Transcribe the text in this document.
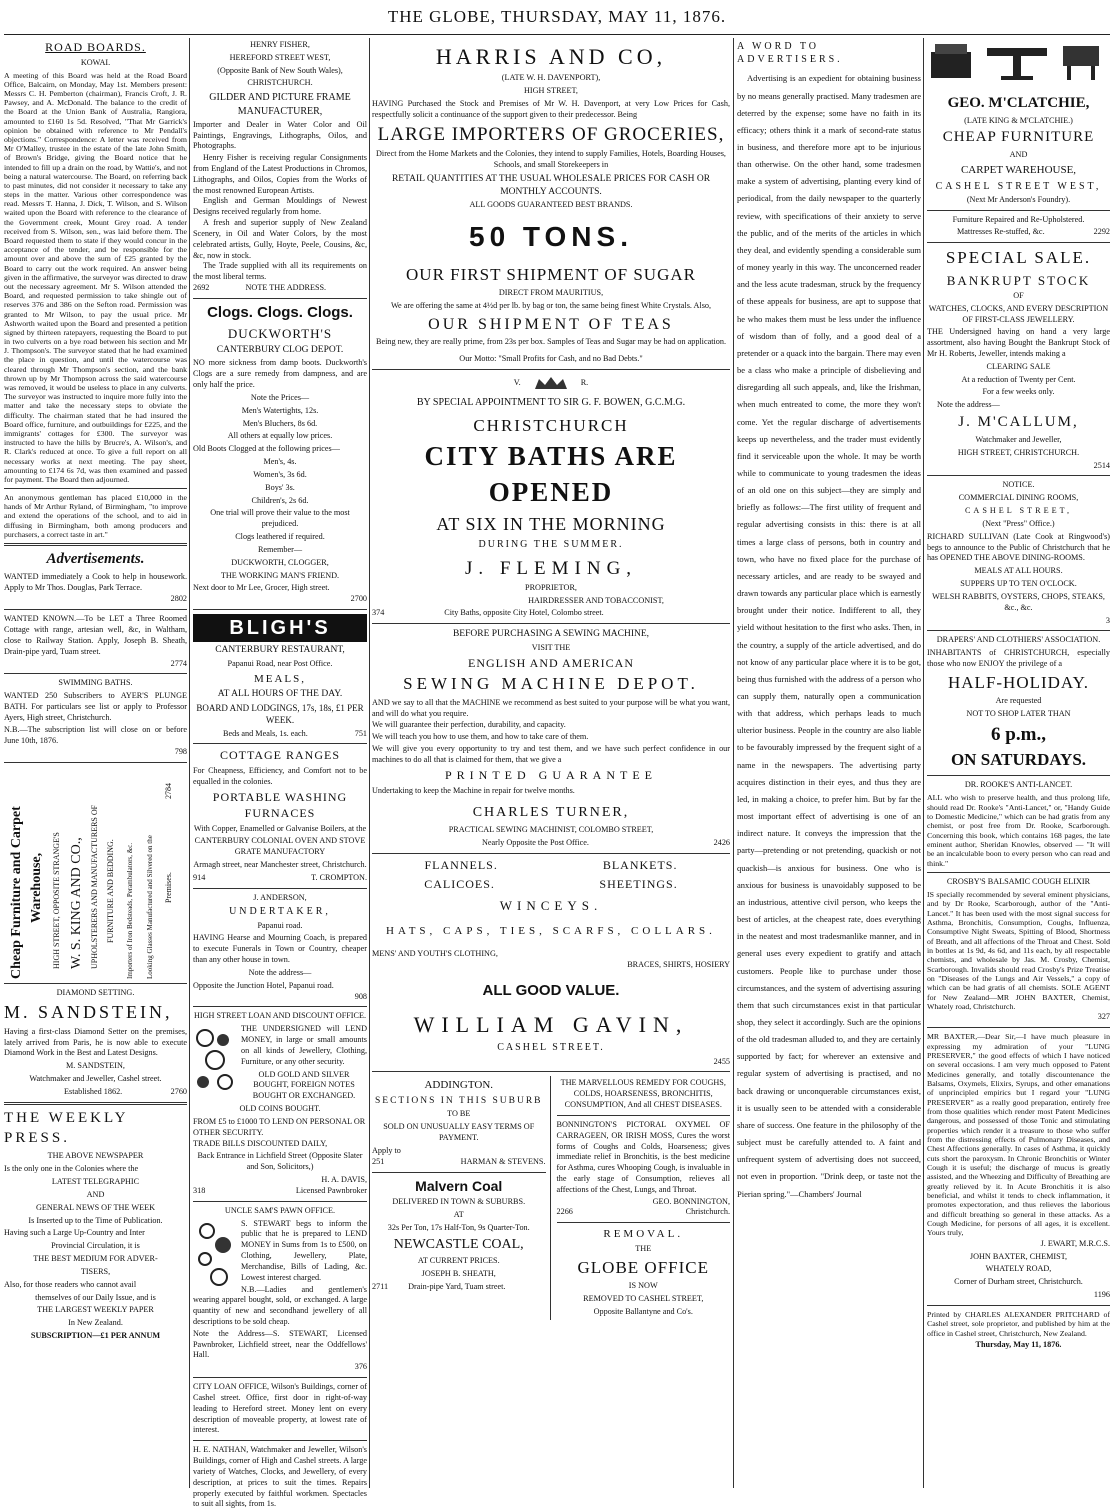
THE GLOBE, THURSDAY, MAY 11, 1876.
ROAD BOARDS.
KOWAI.

A meeting of this Board was held at the Road Board Office, Balcairn, on Monday, May 1st. Members present: Messrs C. H. Pemberton (chairman), Francis Croft, J. R. Pawsey, and A. McDonald. The balance to the credit of the Board at the Union Bank of Australia, Rangiora, amounted to £160 1s 5d. Resolved, "That Mr Garrick's opinion be obtained with reference to Mr Pendall's objections." Correspondence: A letter was received from Mr O'Malley, trustee in the estate of the late John Smith, of Brown's Bridge, giving the Board notice that he intended to fill up a drain on the road, by Wattie's, and not being a natural watercourse. The Board, on referring back to past minutes, did not consider it necessary to take any steps in the matter. Various other correspondence was read. Messrs T. Hanna, J. Dick, T. Wilson, and S. Wilson waited upon the Board with reference to the clearance of the Government creek, Mount Grey road. A tender received from S. Wilson, sen., was laid before them. The Board requested them to state if they would concur in the acceptance of the tender, and be responsible for the amount over and above the sum of £25 granted by the Board to carry out the work required. An answer being given in the affirmative, the surveyor was directed to draw out the necessary agreement. Mr S. Wilson attended the Board, and requested permission to take shingle out of reserves 376 and 386 on the Sefton road. Permission was granted to Mr Wilson, to pay the usual price. Mr Ashworth waited upon the Board and presented a petition signed by thirteen ratepayers, requesting the Board to put in two culverts on a bye road between his section and Mr J. Thompson's. The surveyor stated that he had examined the place in question, and until the watercourse was cleared through Mr Thompson's section, and the bank thrown up by Mr Thompson across the said watercourse was removed, it would be useless to place in any culverts. The surveyor was instructed to inquire more fully into the matter and take the necessary steps to obviate the difficulty. The chairman stated that he had insured the Board office, furniture, and outbuildings for £225, and the immigrants' cottages for £300. The surveyor was instructed to have the hills by Brucre's, A. Wilson's, and R. Clark's reduced at once. To give a full report on all necessary works at next meeting. The pay sheet, amounting to £174 6s 7d, was then examined and passed for payment. The Board then adjourned.

An anonymous gentleman has placed £10,000 in the hands of Mr Arthur Ryland, of Birmingham, "to improve and extend the operations of the school, and to aid in diffusing in Birmingham, both among producers and purchasers, a correct taste in art."

Advertisements.

WANTED immediately a Cook to help in housework. Apply to Mr Thos. Douglas, Park Terrace.

2802

WANTED KNOWN.—To be LET a Three Roomed Cottage with range, artesian well, &c, in Waltham, close to Railway Station. Apply, Joseph B. Sheath, Drain-pipe yard, Tuam street.

2774

SWIMMING BATHS.

WANTED 250 Subscribers to AYER'S PLUNGE BATH. For particulars see list or apply to Professor Ayers, High street, Christchurch.

N.B.—The subscription list will close on or before June 10th, 1876.

798

Cheap Furniture and Carpet Warehouse,	HIGH STREET, OPPOSITE STRANGE'S W. S. KING AND CO., UPHOLSTERERS AND MANUFACTURERS OF FURNITURE AND BEDDING. Importers of Iron Bedsteads, Perambulators, &c. Looking Glasses Manufactured and Silvered on the Premises.
2784
DIAMOND SETTING.
M. SANDSTEIN,

Having a first-class Diamond Setter on the premises, lately arrived from Paris, he is now able to execute Diamond Work in the Best and Latest Designs.

M. SANDSTEIN,
Watchmaker and Jeweller, Cashel street.
Established 1862.	2760
THE WEEKLY PRESS.
THE ABOVE NEWSPAPER
Is the only one in the Colonies where the
LATEST TELEGRAPHIC
AND
GENERAL NEWS OF THE WEEK
Is Inserted up to the Time of Publication.
Having such a Large Up-Country and Inter
Provincial Circulation, it is
THE BEST MEDIUM FOR ADVER-
TISERS,
Also, for those readers who cannot avail
themselves of our Daily Issue, and is
THE LARGEST WEEKLY PAPER
In New Zealand.
SUBSCRIPTION—£1 PER ANNUM
HENRY FISHER,
HEREFORD STREET WEST,
(Opposite Bank of New South Wales),
CHRISTCHURCH.
GILDER AND PICTURE FRAME MANUFACTURER,

Importer and Dealer in Water Color and Oil Paintings, Engravings, Lithographs, Oilos, and Photographs.

Henry Fisher is receiving regular Consignments from England of the Latest Productions in Chromos, Lithographs, and Oilos, Copies from the Works of the most renowned European Artists.

English and German Mouldings of Newest Designs received regularly from home.

A fresh and superior supply of New Zealand Scenery, in Oil and Water Colors, by the most celebrated artists, Gully, Hoyte, Peele, Cousins, &c, &c, now in stock.

The Trade supplied with all its requirements on the most liberal terms.

2692	NOTE THE ADDRESS.
Clogs. Clogs. Clogs.
DUCKWORTH'S
CANTERBURY CLOG DEPOT.

NO more sickness from damp boots. Duckworth's Clogs are a sure remedy from dampness, and are only half the price.

Note the Prices—
Men's Watertights, 12s.
Men's Bluchers, 8s 6d.
All others at equally low prices.
Old Boots Clogged at the following prices—
Men's, 4s.
Women's, 3s 6d.
Boys' 3s.
Children's, 2s 6d.
One trial will prove their value to the most prejudiced.
Clogs leathered if required.
Remember—
DUCKWORTH, CLOGGER,
THE WORKING MAN'S FRIEND.
Next door to Mr Lee, Grocer, High street.

2700

BLIGH'S
CANTERBURY RESTAURANT,
Papanui Road, near Post Office.
MEALS,
AT ALL HOURS OF THE DAY.
BOARD AND LODGINGS, 17s, 18s, £1 PER WEEK.
Beds and Meals, 1s. each.	751
COTTAGE RANGES

For Cheapness, Efficiency, and Comfort not to be equalled in the colonies.

PORTABLE WASHING FURNACES
With Copper, Enamelled or Galvanise Boilers, at the
CANTERBURY COLONIAL OVEN AND STOVE GRATE MANUFACTORY
Armagh street, near Manchester street, Christchurch.
914	T. CROMPTON.
J. ANDERSON,
UNDERTAKER,
Papanui road.

HAVING Hearse and Mourning Coach, is prepared to execute Funerals in Town or Country, cheaper than any other house in town.

Note the address—
Opposite the Junction Hotel, Papanui road.

908

HIGH STREET LOAN AND DISCOUNT OFFICE.

THE UNDERSIGNED will LEND MONEY, in large or small amounts on all kinds of Jewellery, Clothing, Furniture, or any other security.

OLD GOLD AND SILVER BOUGHT, FOREIGN NOTES BOUGHT OR EXCHANGED.
OLD COINS BOUGHT.
FROM £5 to £1000 TO LEND ON PERSONAL OR OTHER SECURITY.
TRADE BILLS DISCOUNTED DAILY,
Back Entrance in Lichfield Street (Opposite Slater and Son, Solicitors,)
H. A. DAVIS,
318	Licensed Pawnbroker
UNCLE SAM'S PAWN OFFICE.

S. STEWART begs to inform the public that he is prepared to LEND MONEY in Sums from 1s to £500, on Clothing, Jewellery, Plate, Merchandise, Bills of Lading, &c. Lowest interest charged.

N.B.—Ladies and gentlemen's wearing apparel bought, sold, or exchanged. A large quantity of new and secondhand jewellery of all descriptions to be sold cheap.

Note the Address—S. STEWART, Licensed Pawnbroker, Lichfield street, near the Oddfellows' Hall.

376

CITY LOAN OFFICE, Wilson's Buildings, corner of Cashel street. Office, first door in right-of-way leading to Hereford street. Money lent on every description of moveable property, at lowest rate of interest.

H. E. NATHAN, Watchmaker and Jeweller, Wilson's Buildings, corner of High and Cashel streets. A large variety of Watches, Clocks, and Jewellery, of every description, at prices to suit the times. Repairs properly executed by faithful workmen. Spectacles to suit all sights, from 1s.

HARRIS AND CO,
(LATE W. H. DAVENPORT),
HIGH STREET,

HAVING Purchased the Stock and Premises of Mr W. H. Davenport, at very Low Prices for Cash, respectfully solicit a continuance of the support given to their predecessor. Being

LARGE IMPORTERS OF GROCERIES,
Direct from the Home Markets and the Colonies, they intend to supply Families, Hotels, Boarding Houses, Schools, and small Storekeepers in
RETAIL QUANTITIES AT THE USUAL WHOLESALE PRICES FOR CASH OR MONTHLY ACCOUNTS.
ALL GOODS GUARANTEED BEST BRANDS.
50 TONS.
OUR FIRST SHIPMENT OF SUGAR
DIRECT FROM MAURITIUS,
We are offering the same at 4½d per lb. by bag or ton, the same being finest White Crystals. Also,
OUR SHIPMENT OF TEAS
Being new, they are really prime, from 23s per box. Samples of Teas and Sugar may be had on application.
Our Motto: "Small Profits for Cash, and no Bad Debts."
V.	R.
BY SPECIAL APPOINTMENT TO SIR G. F. BOWEN, G.C.M.G.
CHRISTCHURCH
CITY BATHS ARE OPENED
AT SIX IN THE MORNING
DURING THE SUMMER.
J. FLEMING,
PROPRIETOR,
HAIRDRESSER AND TOBACCONIST,
374	City Baths, opposite City Hotel, Colombo street.
BEFORE PURCHASING A SEWING MACHINE,
VISIT THE
ENGLISH AND AMERICAN
SEWING MACHINE DEPOT.

AND we say to all that the MACHINE we recommend as best suited to your purpose will be what you want, and will do what you require.

We will guarantee their perfection, durability, and capacity.

We will teach you how to use them, and how to take care of them.

We will give you every opportunity to try and test them, and we have such perfect confidence in our machines to do all that is claimed for them, that we give a

PRINTED GUARANTEE
Undertaking to keep the Machine in repair for twelve months.
CHARLES TURNER,
PRACTICAL SEWING MACHINIST, COLOMBO STREET,
Nearly Opposite the Post Office.	2426
FLANNELS.	BLANKETS.
CALICOES.	SHEETINGS.
WINCEYS.
HATS, CAPS, TIES, SCARFS, COLLARS.
MENS' AND YOUTH'S CLOTHING,
BRACES, SHIRTS, HOSIERY
ALL GOOD VALUE.
WILLIAM GAVIN,
CASHEL STREET.

2455

ADDINGTON.
SECTIONS IN THIS SUBURB
TO BE
SOLD ON UNUSUALLY EASY TERMS OF PAYMENT.
Apply to
251	HARMAN & STEVENS.
Malvern Coal
DELIVERED IN TOWN & SUBURBS.
AT
32s Per Ton, 17s Half-Ton, 9s Quarter-Ton.
NEWCASTLE COAL,
AT CURRENT PRICES.
JOSEPH B. SHEATH,
2711 Drain-pipe Yard, Tuam street.

THE MARVELLOUS REMEDY FOR COUGHS, COLDS, HOARSENESS, BRONCHITIS, CONSUMPTION, And all CHEST DISEASES.

BONNINGTON'S PICTORAL OXYMEL OF CARRAGEEN, OR IRISH MOSS, Cures the worst forms of Coughs and Colds, Hoarseness; gives immediate relief in Bronchitis, is the best medicine for Asthma, cures Whooping Cough, is invaluable in the early stage of Consumption, relieves all affections of the Chest, Lungs, and Throat.

GEO. BONNINGTON,
2266	Christchurch.
REMOVAL.
THE
GLOBE OFFICE
IS NOW
REMOVED TO CASHEL STREET,
Opposite Ballantyne and Co's.
A WORD TO ADVERTISERS.

Advertising is an expedient for obtaining business by no means generally practised. Many tradesmen are deterred by the expense; some have no faith in its efficacy; others think it a mark of second-rate status in business, and therefore more apt to be injurious than otherwise. On the other hand, some tradesmen make a system of advertising, planting every kind of periodical, from the daily newspaper to the quarterly review, with specifications of their anxiety to serve the public, and of the merits of the articles in which they deal, and evidently spending a considerable sum of money yearly in this way. The unconcerned reader and the less acute tradesman, struck by the frequency of these appeals for business, are apt to suppose that he who makes them must be less under the influence of wisdom than of folly, and a good deal of a pretender or a quack into the bargain. There may even be a class who make a principle of disbelieving and disregarding all such appeals, and, like the Irishman, when much entreated to come, the more they won't come. Yet the regular discharge of advertisements keeps up nevertheless, and the trader must evidently find it serviceable upon the whole. It may be worth while to communicate to young tradesmen the ideas of an old one on this subject—they are simply and briefly as follows:—The first utility of frequent and regular advertising consists in this: there is at all times a large class of persons, both in country and town, who have no fixed place for the purchase of necessary articles, and are ready to be swayed and drawn towards any particular place which is earnestly brought under their notice. Indifferent to all, they yield without hesitation to the first who asks. Then, in the country, a supply of the article advertised, and do not know of any particular place where it is to be got, being thus furnished with the address of a person who can supply them, naturally open a communication with that address, which perhaps leads to much ulterior business. People in the country are also liable to be favourably impressed by the frequent sight of a name in the newspapers. The advertising party acquires distinction in their eyes, and thus they are led, in making a choice, to prefer him. But by far the most important effect of advertising is one of an indirect nature. It conveys the impression that the party—pretending or not pretending, quackish or not quackish—is anxious for business. One who is anxious for business is unavoidably supposed to be an industrious, attentive civil person, who keeps the best of articles, at the cheapest rate, does everything in the neatest and most tradesmanlike manner, and in general uses every expedient to gratify and attach customers. People like to purchase under those circumstances, and the system of advertising assuring them that such circumstances exist in that particular shop, they select it accordingly. Such are the opinions of the old tradesman alluded to, and they are certainly supported by fact; for wherever an extensive and regular system of advertising is practised, and no back drawing or unconquerable circumstances exist, it is usually seen to be attended with a considerable share of success. One feature in the philosophy of the subject must be carefully attended to. A faint and unfrequent system of advertising does not succeed, not even in proportion. "Drink deep, or taste not the Pierian spring."—Chambers' Journal

GEO. M'CLATCHIE,
(LATE KING & M'CLATCHIE.)
CHEAP FURNITURE
AND
CARPET WAREHOUSE,
CASHEL STREET WEST,
(Next Mr Anderson's Foundry).
Furniture Repaired and Re-Upholstered.
Mattresses Re-stuffed, &c.	2292
SPECIAL SALE.
BANKRUPT STOCK
OF
WATCHES, CLOCKS, AND EVERY DESCRIPTION OF FIRST-CLASS JEWELLERY.

THE Undersigned having on hand a very large assortment, also having Bought the Bankrupt Stock of Mr H. Roberts, Jeweller, intends making a

CLEARING SALE
At a reduction of Twenty per Cent.
For a few weeks only.
Note the address—
J. M'CALLUM,
Watchmaker and Jeweller,
HIGH STREET, CHRISTCHURCH.

2514

NOTICE.
COMMERCIAL DINING ROOMS,
CASHEL STREET,
(Next "Press" Office.)

RICHARD SULLIVAN (Late Cook at Ringwood's) begs to announce to the Public of Christchurch that he has OPENED THE ABOVE DINING-ROOMS.

MEALS AT ALL HOURS.
SUPPERS UP TO TEN O'CLOCK.
WELSH RABBITS, OYSTERS, CHOPS, STEAKS, &c., &c.

3

DRAPERS' AND CLOTHIERS' ASSOCIATION.

INHABITANTS of CHRISTCHURCH, especially those who now ENJOY the privilege of a

HALF-HOLIDAY.
Are requested
NOT TO SHOP LATER THAN
6 p.m.,
ON SATURDAYS.
DR. ROOKE'S ANTI-LANCET.

ALL who wish to preserve health, and thus prolong life, should read Dr. Rooke's "Anti-Lancet," or, "Handy Guide to Domestic Medicine," which can be had gratis from any chemist, or post free from Dr. Rooke, Scarborough. Concerning this book, which contains 168 pages, the late eminent author, Sheridan Knowles, observed — "It will be an incalculable boon to every person who can read and think."

CROSBY'S BALSAMIC COUGH ELIXIR

IS specially recommended by several eminent physicians, and by Dr Rooke, Scarborough, author of the "Anti-Lancet." It has been used with the most signal success for Asthma, Bronchitis, Consumption, Coughs, Influenza, Consumptive Night Sweats, Spitting of Blood, Shortness of Breath, and all affections of the Throat and Chest. Sold in bottles at 1s 9d, 4s 6d, and 11s each, by all respectable chemists, and wholesale by Jas. M. Crosby, Chemist, Scarborough. Invalids should read Crosby's Prize Treatise on "Diseases of the Lungs and Air Vessels," a copy of which can be had gratis of all chemists. SOLE AGENT for New Zealand—MR JOHN BAXTER, Chemist, Whately road, Christchurch.

327

MR BAXTER,—Dear Sir,—I have much pleasure in expressing my admiration of your "LUNG PRESERVER," the good effects of which I have noticed on several occasions. I am very much opposed to Patent Medicines generally, and totally discountenance the Balsams, Oxymels, Elixirs, Syrups, and other emanations of unprincipled empirics but I regard your "LUNG PRESERVER" as a really good preparation, entirely free from those qualities which render most Patent Medicines dangerous, and possessed of those Tonic and stimulating properties which render it a treasure to those who suffer from the distressing effects of Pulmonary Diseases, and Chest Affections generally. In cases of Asthma, it quickly cuts short the paroxysm. In Chronic Bronchitis or Winter Cough it is useful; the discharge of mucus is greatly assisted, and the Wheezing and Difficulty of Breathing are greatly relieved by it. In Acute Bronchitis it is also beneficial, and whilst it tends to check inflammation, it promotes expectoration, and thus relieves the laborious and difficult breathing so general in these attacks. As a Cough Medicine, for persons of all ages, it is excellent. Yours truly,

J. EWART, M.R.C.S.
JOHN BAXTER, CHEMIST,
WHATELY ROAD,
Corner of Durham street, Christchurch.

1196

Printed by CHARLES ALEXANDER PRITCHARD of Cashel street, sole proprietor, and published by him at the office in Cashel street, Christchurch, New Zealand.

Thursday, May 11, 1876.
